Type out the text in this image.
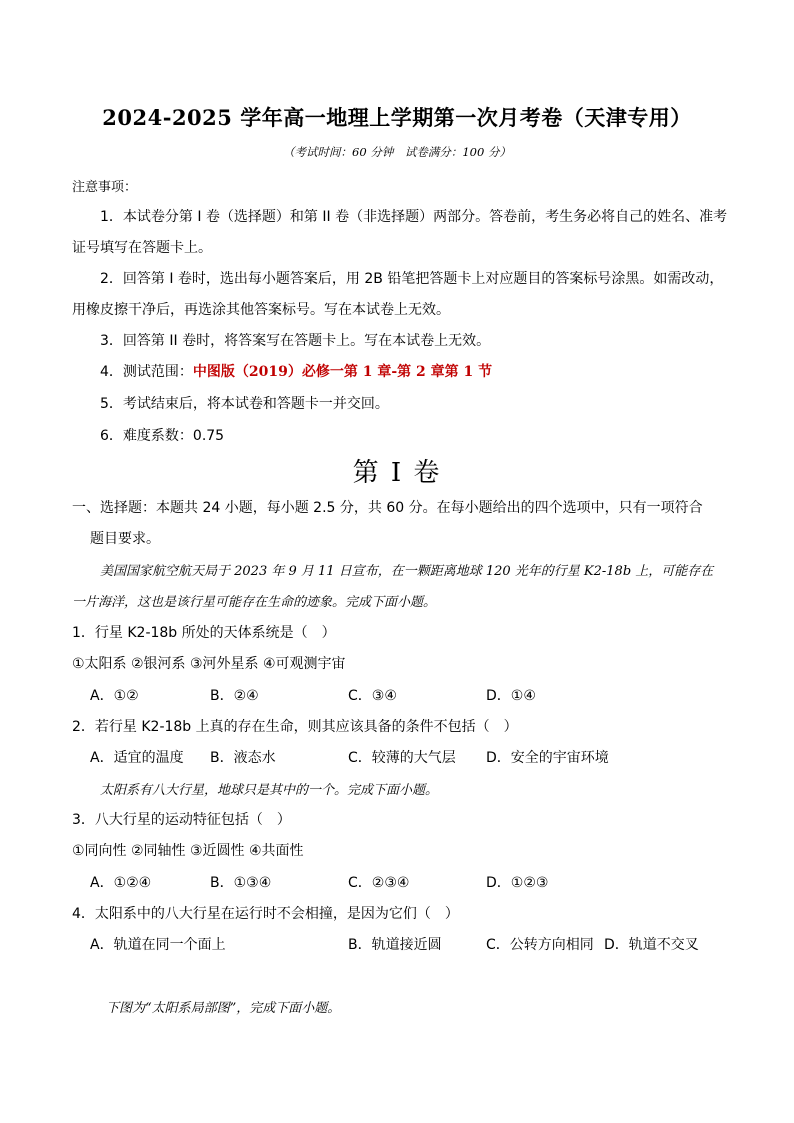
2024-2025 学年高一地理上学期第一次月考卷（天津专用）
（考试时间：60 分钟　试卷满分：100 分）
注意事项：
1．本试卷分第 I 卷（选择题）和第 II 卷（非选择题）两部分。答卷前，考生务必将自己的姓名、准考
证号填写在答题卡上。
2．回答第 I 卷时，选出每小题答案后，用 2B 铅笔把答题卡上对应题目的答案标号涂黑。如需改动，
用橡皮擦干净后，再选涂其他答案标号。写在本试卷上无效。
3．回答第 II 卷时，将答案写在答题卡上。写在本试卷上无效。
4．测试范围：中图版（2019）必修一第 1 章-第 2 章第 1 节
5．考试结束后，将本试卷和答题卡一并交回。
6．难度系数：0.75
第 I 卷
一、选择题：本题共 24 小题，每小题 2.5 分，共 60 分。在每小题给出的四个选项中，只有一项符合
题目要求。
美国国家航空航天局于 2023 年 9 月 11 日宣布，在一颗距离地球 120 光年的行星 K2-18b 上，可能存在
一片海洋，这也是该行星可能存在生命的迹象。完成下面小题。
1．行星 K2-18b 所处的天体系统是（　）
①太阳系 ②银河系 ③河外星系 ④可观测宇宙
A．①②	B．②④	C．③④	D．①④
2．若行星 K2-18b 上真的存在生命，则其应该具备的条件不包括（　）
A．适宜的温度 B．液态水	C．较薄的大气层 D．安全的宇宙环境
太阳系有八大行星，地球只是其中的一个。完成下面小题。
3．八大行星的运动特征包括（　）
①同向性 ②同轴性 ③近圆性 ④共面性
A．①②④	B．①③④	C．②③④	D．①②③
4．太阳系中的八大行星在运行时不会相撞，是因为它们（　）
A．轨道在同一个面上	B．轨道接近圆	C．公转方向相同 D．轨道不交叉
下图为“太阳系局部图”，完成下面小题。
